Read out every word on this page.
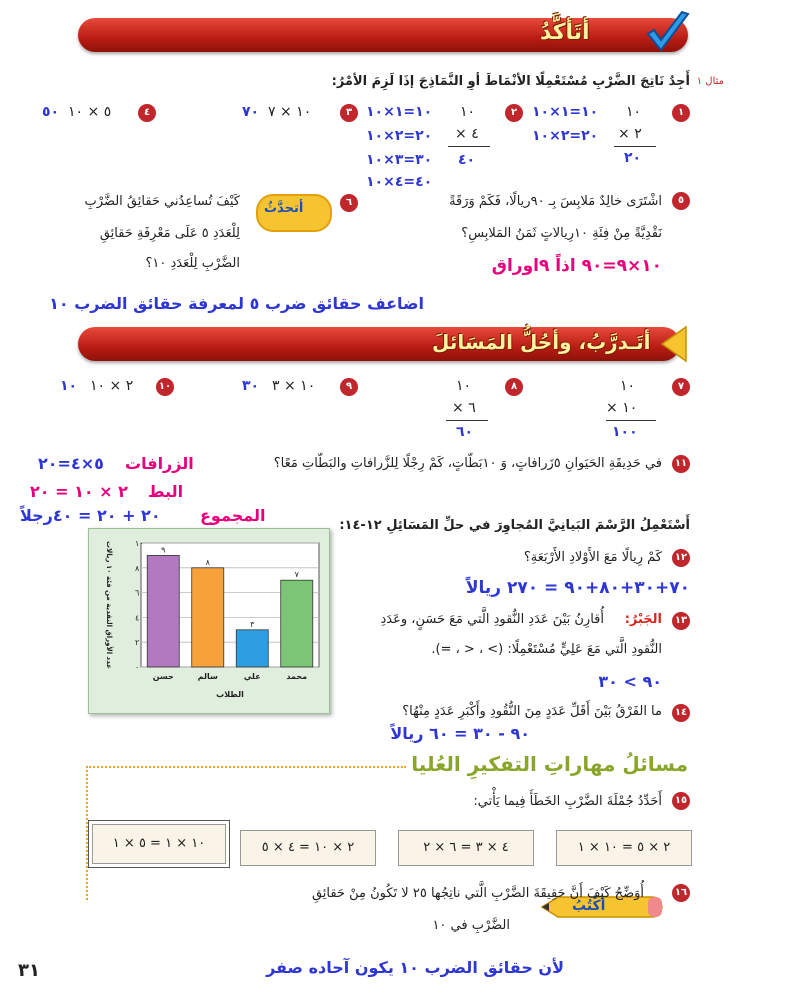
أتَأكَّدُ
أَجِدُ نَاتِجَ الضَّرْبِ مُسْتَعْمِلًا الأنْمَاطَ أوِ النَّمَاذِجَ إذَا لَزِمَ الأمْرُ: مثال ١
١
١٠
٢ ×
٢٠
١٠=١×١٠
٢٠=٢×١٠
٢
١٠
٤ ×
٤٠
١٠=١×١٠
٢٠=٢×١٠
٣٠=٣×١٠
٤٠=٤×١٠
٣
١٠ × ٧
٧٠
٤
٥ × ١٠
٥٠
٥
اشْتَرَى خالِدٌ مَلابِسَ بِـ ٩٠ريالًا، فَكَمْ وَرَقَةً
نَقْدِيَّةً مِنْ فِئَةِ ١٠رِيالاتٍ ثَمَنُ المَلابِسِ؟
١٠×٩=٩٠ اذاً ٩اوراق
٦
أتحدَّثُ
كَيْفَ تُساعِدُني حَقائِقُ الضَّرْبِ
لِلْعَدَدِ ٥ عَلَى مَعْرِفَةِ حَقائِقِ
الضَّرْبِ لِلْعَدَدِ ١٠؟
اضاعف حقائق ضرب ٥ لمعرفة حقائق الضرب ١٠
أتَـدرَّبُ، وأحُلُّ المَسَائلَ
٧
١٠
١٠ ×
١٠٠
٨
١٠
٦ ×
٦٠
٩
١٠ × ٣
٣٠
١٠
٢ × ١٠
١٠
١١
في حَدِيقَةِ الحَيَوانِ ٥زَرافاتٍ، وَ ١٠بَطّاتٍ، كَمْ رِجْلًا لِلزَّرافاتِ والبَطّاتِ مَعًا؟
الزرافات
٥×٤=٢٠
البط
٢ × ١٠ = ٢٠
المجموع
٢٠ + ٢٠ = ٤٠رجلاً
أَسْتَعْمِلُ الرَّسْمَ البَيانِيَّ المُجاوِرَ في حلِّ المَسَائِلِ ١٢-١٤:
١٢
كَمْ رِيالًا مَعَ الأَوْلادِ الأَرْبَعَةِ؟
٧٠+٣٠+٨٠+٩٠ = ٢٧٠ ريالاً
١٣
الجَبْرُ:
أُقارِنُ بَيْنَ عَدَدِ النُّقودِ الَّتي مَعَ حَسَنٍ، وعَدَدِ
النُّقودِ الَّتي مَعَ عَلِيٍّ مُسْتَعْمِلًا: (> ، < ، =).
٩٠ > ٣٠
١٤
ما الفَرْقُ بَيْنَ أَقَلِّ عَدَدٍ مِنَ النُّقُودِ وأَكْبَرِ عَدَدٍ مِنْهُا؟
٩٠ - ٣٠ = ٦٠ ريالاً
٠
٢
٤
٦
٨
١٠
٩
حسن
٨
سالم
٣
علي
٧
محمد
الطلاب
عدد الأوراق النقدية من فئة ١٠ ريالات
مسائلُ مهاراتِ التفكيرِ العُليا
١٥
أَحَدِّدُ جُمْلَةَ الضَّرْبِ الخَطَأَ فِيما يَأْتي:
٢ × ٥ = ١٠ × ١
٤ × ٣ = ٦ × ٢
٢ × ١٠ = ٤ × ٥
١٠ × ١ = ٥ × ١
١٦
أكْتُبُ
أُوَضِّحُ كَيْفَ أَنَّ حَقِيقَةَ الضَّرْبِ الَّتي ناتِجُها ٢٥ لا تَكُونُ مِنْ حَقائِقِ
الضَّرْبِ في ١٠
لأن حقائق الضرب ١٠ يكون آحاده صفر
٣١
